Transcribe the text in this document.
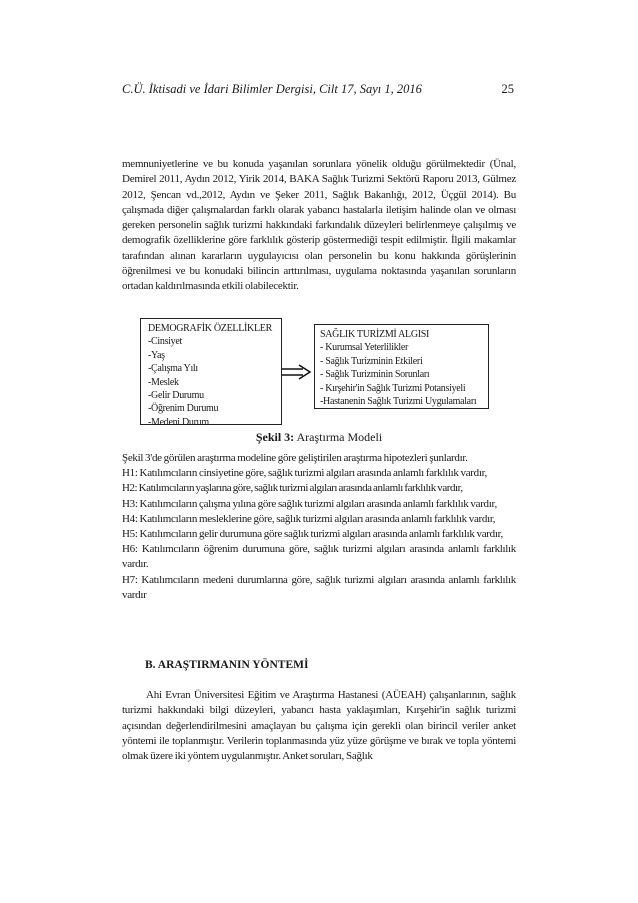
C.Ü. İktisadi ve İdari Bilimler Dergisi, Cilt 17, Sayı 1, 2016	25

memnuniyetlerine ve bu konuda yaşanılan sorunlara yönelik olduğu görülmektedir (Ünal, Demirel 2011, Aydın 2012, Yirik 2014, BAKA Sağlık Turizmi Sektörü Raporu 2013, Gülmez 2012, Şencan vd.,2012, Aydın ve Şeker 2011, Sağlık Bakanlığı, 2012, Üçgül 2014). Bu çalışmada diğer çalışmalardan farklı olarak yabancı hastalarla iletişim halinde olan ve olması gereken personelin sağlık turizmi hakkındaki farkındalık düzeyleri belirlenmeye çalışılmış ve demografik özelliklerine göre farklılık gösterip göstermediği tespit edilmiştir. İlgili makamlar tarafından alınan kararların uygulayıcısı olan personelin bu konu hakkında görüşlerinin öğrenilmesi ve bu konudaki bilincin arttırılması, uygulama noktasında yaşanılan sorunların ortadan kaldırılmasında etkili olabilecektir.

DEMOGRAFİK ÖZELLİKLER
-Cinsiyet
-Yaş
-Çalışma Yılı
-Meslek
-Gelir Durumu
-Öğrenim Durumu
-Medeni Durum
SAĞLIK TURİZMİ ALGISI
- Kurumsal Yeterlilikler
- Sağlık Turizminin Etkileri
- Sağlık Turizminin Sorunları
- Kırşehir'in Sağlık Turizmi Potansiyeli
-Hastanenin Sağlık Turizmi Uygulamaları
Şekil 3: Araştırma Modeli

Şekil 3'de görülen araştırma modeline göre geliştirilen araştırma hipotezleri şunlardır.

H1: Katılımcıların cinsiyetine göre, sağlık turizmi algıları arasında anlamlı farklılık vardır,

H2: Katılımcıların yaşlarına göre, sağlık turizmi algıları arasında anlamlı farklılık vardır,

H3: Katılımcıların çalışma yılına göre sağlık turizmi algıları arasında anlamlı farklılık vardır,

H4: Katılımcıların mesleklerine göre, sağlık turizmi algıları arasında anlamlı farklılık vardır,

H5: Katılımcıların gelir durumuna göre sağlık turizmi algıları arasında anlamlı farklılık vardır,

H6: Katılımcıların öğrenim durumuna göre, sağlık turizmi algıları arasında anlamlı farklılık vardır.

H7: Katılımcıların medeni durumlarına göre, sağlık turizmi algıları arasında anlamlı farklılık vardır

B. ARAŞTIRMANIN YÖNTEMİ

Ahi Evran Üniversitesi Eğitim ve Araştırma Hastanesi (AÜEAH) çalışanlarının, sağlık turizmi hakkındaki bilgi düzeyleri, yabancı hasta yaklaşımları, Kırşehir'in sağlık turizmi açısından değerlendirilmesini amaçlayan bu çalışma için gerekli olan birincil veriler anket yöntemi ile toplanmıştır. Verilerin toplanmasında yüz yüze görüşme ve bırak ve topla yöntemi olmak üzere iki yöntem uygulanmıştır. Anket soruları, Sağlık
